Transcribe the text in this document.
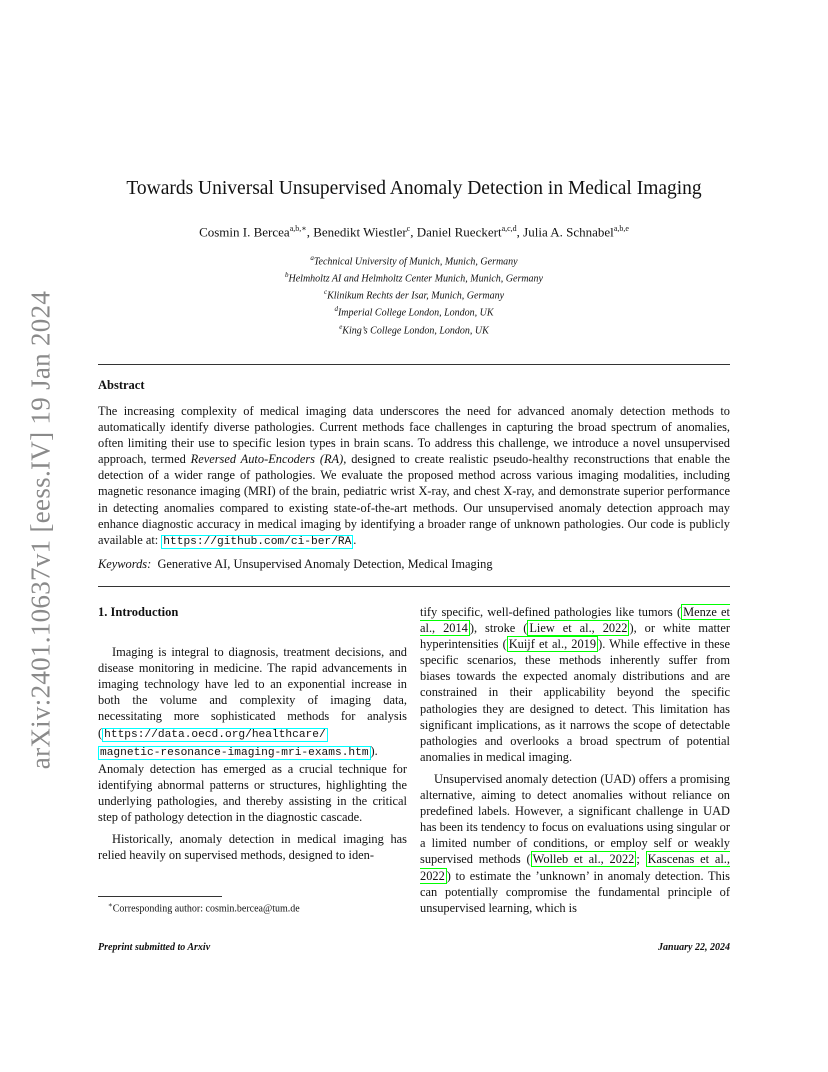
arXiv:2401.10637v1 [eess.IV] 19 Jan 2024
Towards Universal Unsupervised Anomaly Detection in Medical Imaging
Cosmin I. Bercea$^{a,b,∗}$, Benedikt Wiestler$^c$, Daniel Rueckert$^{a,c,d}$, Julia A. Schnabel$^{a,b,e}$
$^a$Technical University of Munich, Munich, Germany
$^b$Helmholtz AI and Helmholtz Center Munich, Munich, Germany
$^c$Klinikum Rechts der Isar, Munich, Germany
$^d$Imperial College London, London, UK
$^e$King’s College London, London, UK
Abstract
The increasing complexity of medical imaging data underscores the need for advanced anomaly detection methods to automatically identify diverse pathologies. Current methods face challenges in capturing the broad spectrum of anomalies, often limiting their use to specific lesion types in brain scans. To address this challenge, we introduce a novel unsupervised approach, termed Reversed Auto-Encoders (RA), designed to create realistic pseudo-healthy reconstructions that enable the detection of a wider range of pathologies. We evaluate the proposed method across various imaging modalities, including magnetic resonance imaging (MRI) of the brain, pediatric wrist X-ray, and chest X-ray, and demonstrate superior performance in detecting anomalies compared to existing state-of-the-art methods. Our unsupervised anomaly detection approach may enhance diagnostic accuracy in medical imaging by identifying a broader range of unknown pathologies. Our code is publicly available at: https://github.com/ci-ber/RA .
Keywords: Generative AI, Unsupervised Anomaly Detection, Medical Imaging
1. Introduction

Imaging is integral to diagnosis, treatment decisions, and disease monitoring in medicine. The rapid advancements in imaging technology have led to an exponential increase in both the volume and complexity of imaging data, necessitating more sophisticated methods for analysis ( https://data.oecd.org/healthcare/
magnetic-resonance-imaging-mri-exams.htm ). Anomaly detection has emerged as a crucial technique for identifying abnormal patterns or structures, highlighting the underlying pathologies, and thereby assisting in the critical step of pathology detection in the diagnostic cascade.

Historically, anomaly detection in medical imaging has relied heavily on supervised methods, designed to iden-

tify specific, well-defined pathologies like tumors ( Menze et al., 2014 ), stroke ( Liew et al., 2022 ), or white matter hyperintensities ( Kuijf et al., 2019 ). While effective in these specific scenarios, these methods inherently suffer from biases towards the expected anomaly distributions and are constrained in their applicability beyond the specific pathologies they are designed to detect. This limitation has significant implications, as it narrows the scope of detectable pathologies and overlooks a broad spectrum of potential anomalies in medical imaging.

Unsupervised anomaly detection (UAD) offers a promising alternative, aiming to detect anomalies without reliance on predefined labels. However, a significant challenge in UAD has been its tendency to focus on evaluations using singular or a limited number of conditions, or employ self or weakly supervised methods ( Wolleb et al., 2022 ; Kascenas et al., 2022 ) to estimate the ’unknown’ in anomaly detection. This can potentially compromise the fundamental principle of unsupervised learning, which is

∗Corresponding author: cosmin.bercea@tum.de
Preprint submitted to Arxiv	January 22, 2024
